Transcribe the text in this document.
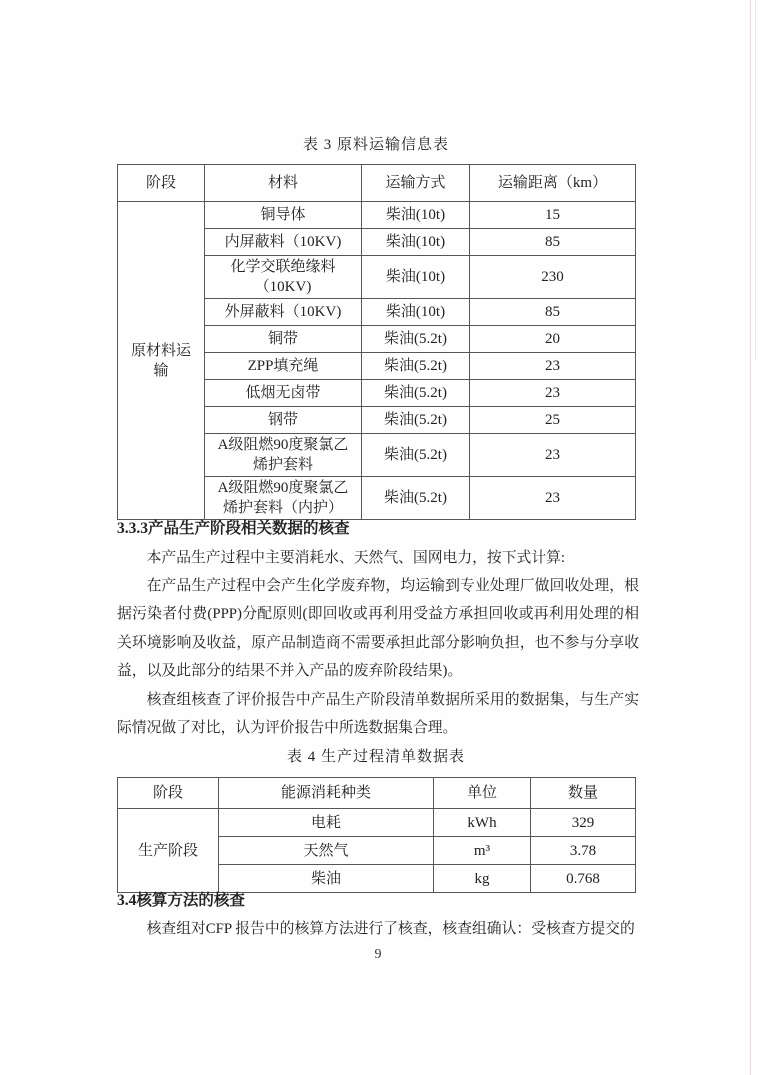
表 3 原料运输信息表
阶段	材料	运输方式	运输距离（km）
原材料运输	铜导体	柴油(10t)	15
	内屏蔽料（10KV)	柴油(10t)	85
	化学交联绝缘料（10KV)	柴油(10t)	230
	外屏蔽料（10KV)	柴油(10t)	85
	铜带	柴油(5.2t)	20
	ZPP填充绳	柴油(5.2t)	23
	低烟无卤带	柴油(5.2t)	23
	钢带	柴油(5.2t)	25
	A级阻燃90度聚氯乙烯护套料	柴油(5.2t)	23
	A级阻燃90度聚氯乙烯护套料（内护）	柴油(5.2t)	23
3.3.3产品生产阶段相关数据的核查
本产品生产过程中主要消耗水、天然气、国网电力，按下式计算:
在产品生产过程中会产生化学废弃物，均运输到专业处理厂做回收处理，根据污染者付费(PPP)分配原则(即回收或再利用受益方承担回收或再利用处理的相关环境影响及收益，原产品制造商不需要承担此部分影响负担，也不参与分享收益，以及此部分的结果不并入产品的废弃阶段结果)。
核查组核查了评价报告中产品生产阶段清单数据所采用的数据集，与生产实际情况做了对比，认为评价报告中所选数据集合理。
表 4 生产过程清单数据表
阶段	能源消耗种类	单位	数量
生产阶段	电耗	kWh	329
	天然气	m³	3.78
	柴油	kg	0.768
3.4核算方法的核查
核查组对CFP 报告中的核算方法进行了核查，核查组确认：受核查方提交的
9
